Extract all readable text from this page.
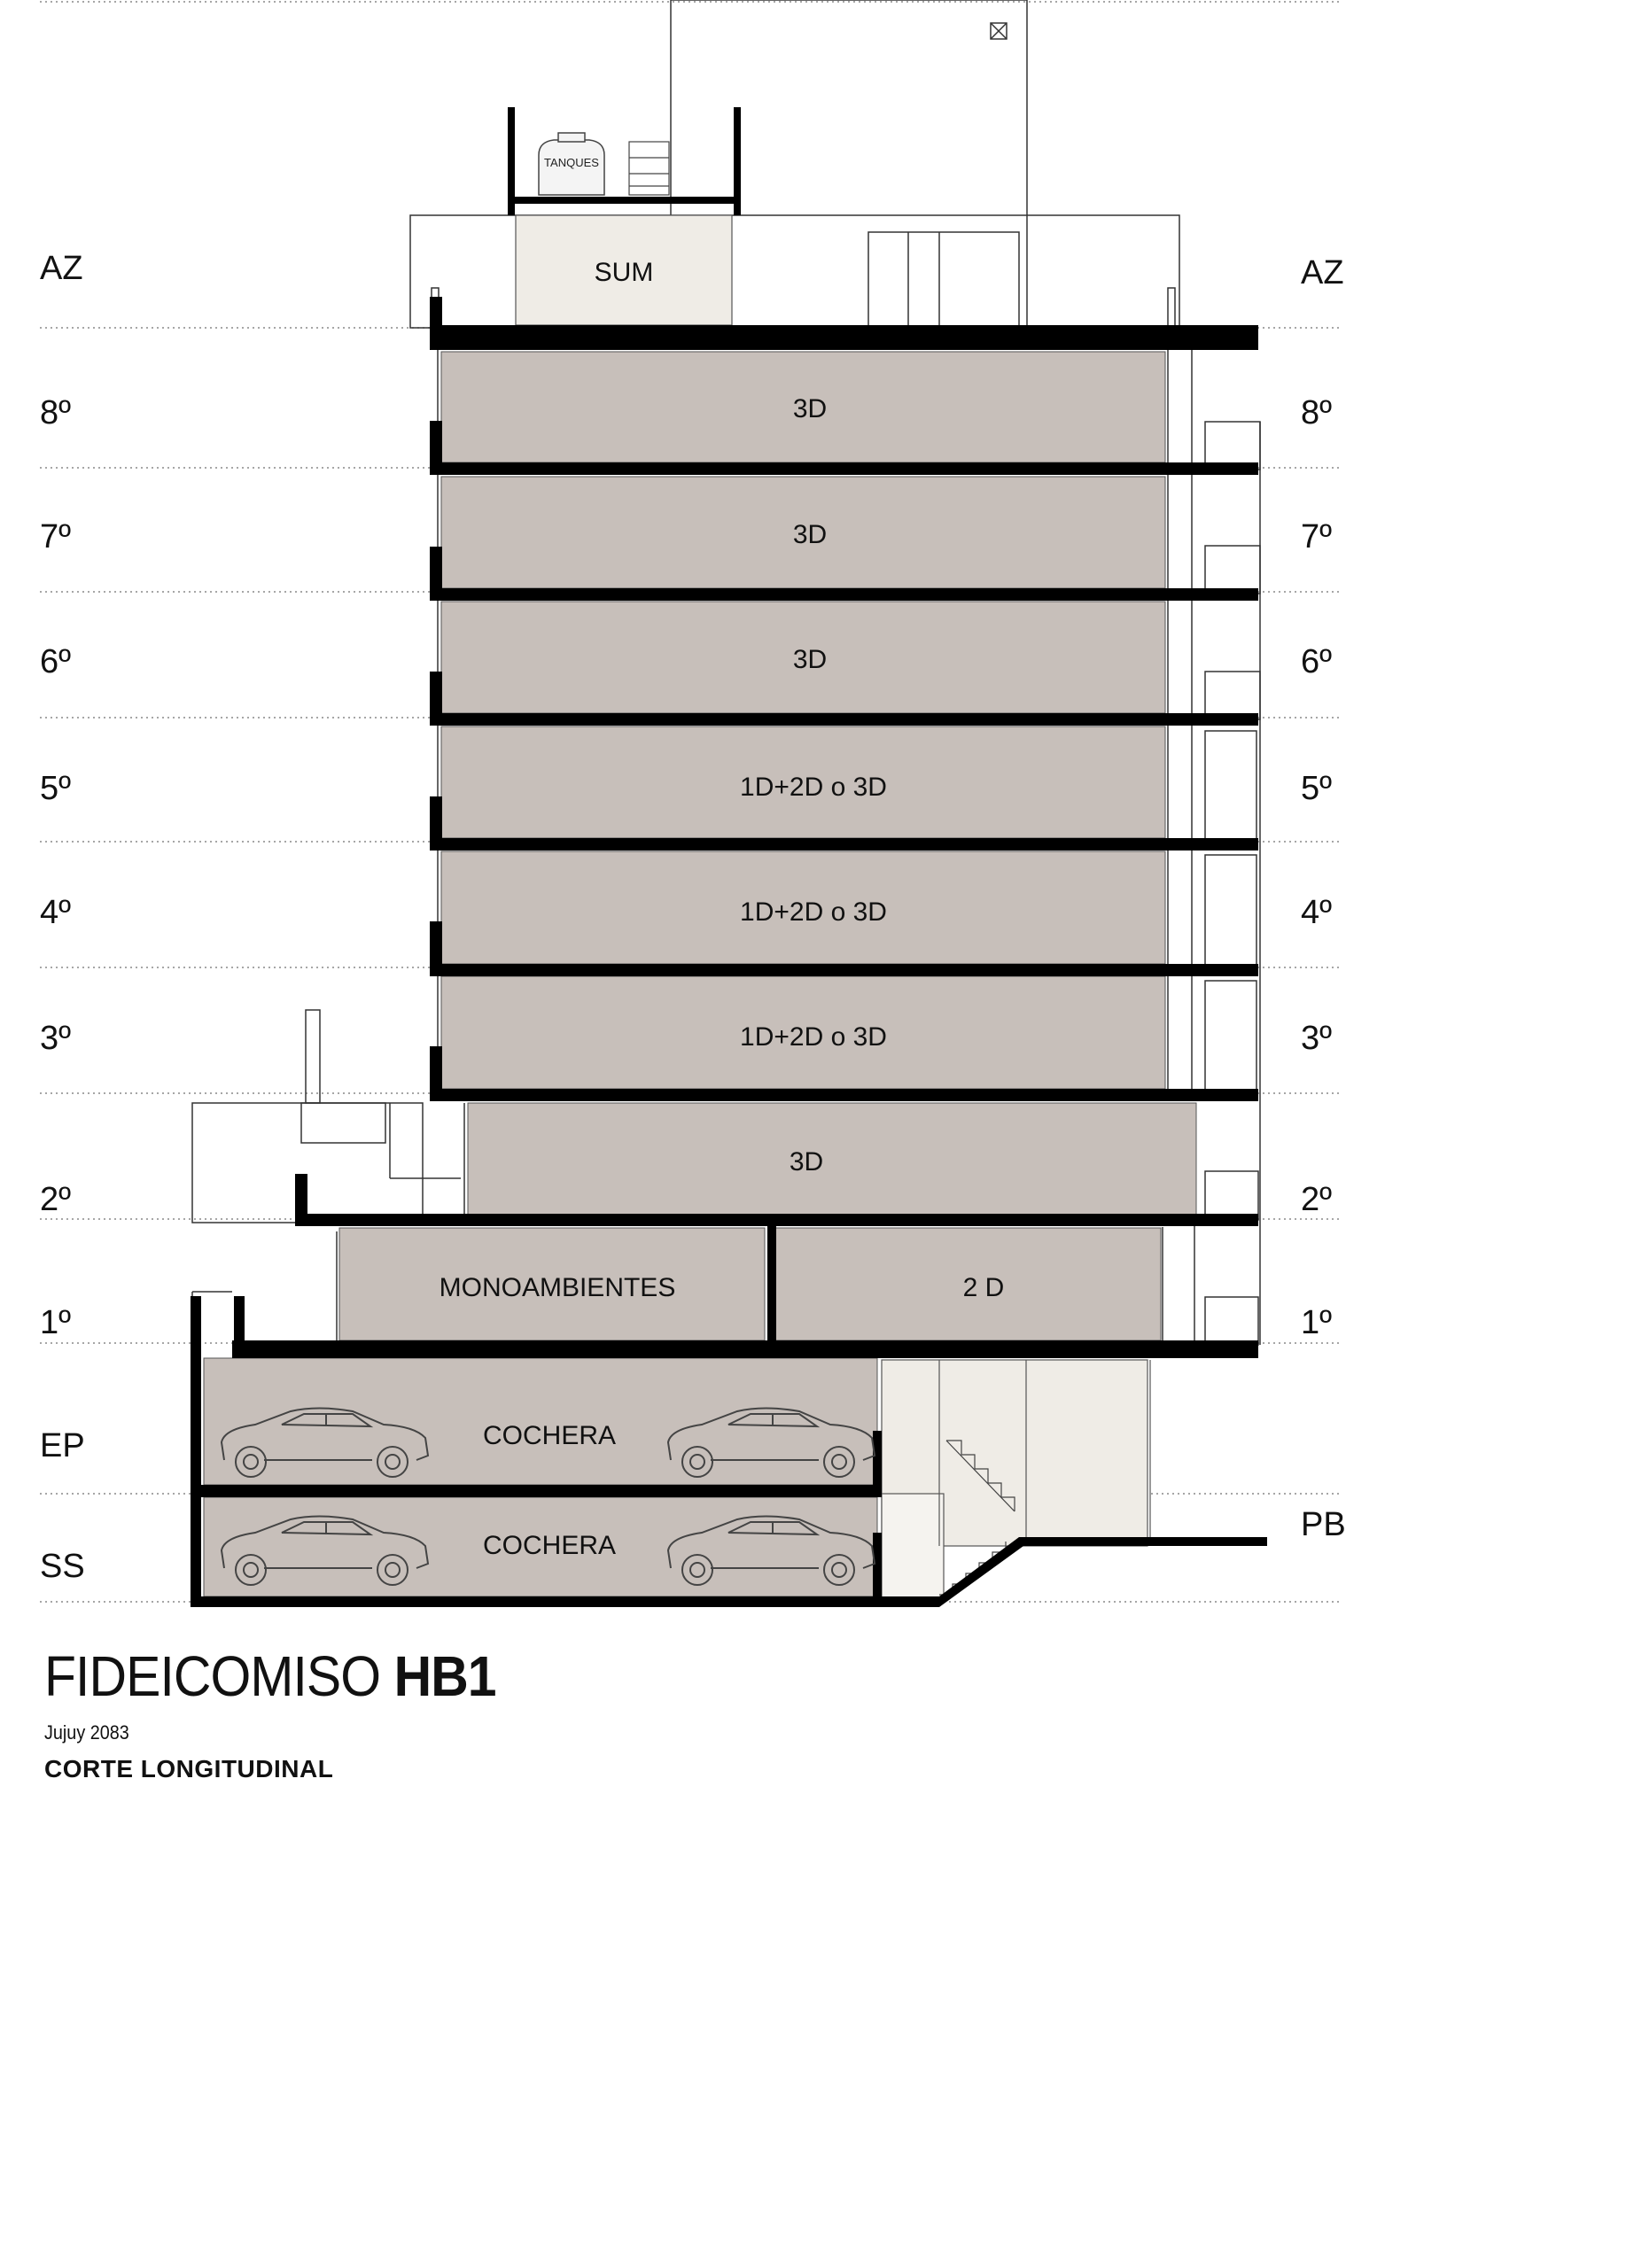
TANQUES
SUM
3D
3D
3D
1D+2D o 3D
1D+2D o 3D
1D+2D o 3D
3D
MONOAMBIENTES	2 D
COCHERA
COCHERA
AZ
8º
7º
6º
5º
4º
3º
2º
1º
EP
SS
AZ
8º
7º
6º
5º
4º
3º
2º
1º
PB
FIDEICOMISO HB1
Jujuy 2083
CORTE LONGITUDINAL
